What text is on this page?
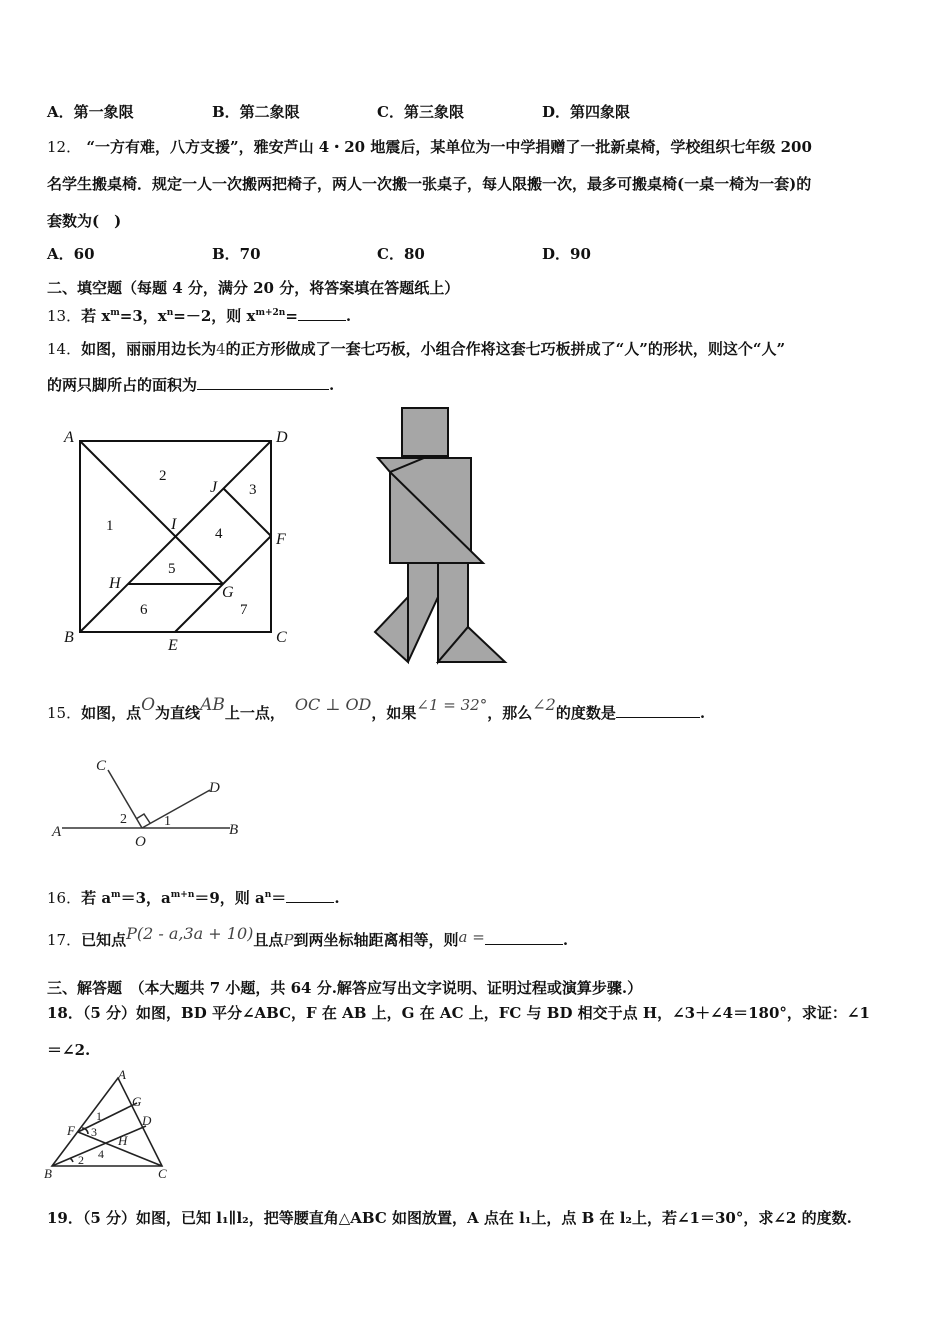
A．第一象限	B．第二象限	C．第三象限	D．第四象限
12． “一方有难，八方支援”，雅安芦山 4・20 地震后，某单位为一中学捐赠了一批新桌椅，学校组织七年级 200
名学生搬桌椅．规定一人一次搬两把椅子，两人一次搬一张桌子，每人限搬一次，最多可搬桌椅(一桌一椅为一套)的
套数为(　)
A．60	B．70	C．80	D．90
二、填空题（每题 4 分，满分 20 分，将答案填在答题纸上）
13．若 $x^m=3$，$x^n=-2$，则 $x^{m+2n}=$	.
14．如图，丽丽用边长为4的正方形做成了一套七巧板，小组合作将这套七巧板拼成了“人”的形状，则这个“人”
的两只脚所占的面积为	.
A	D
B	C
J
F
I
H
G
E
1
2
3
4
5
6	7
15．如图，点O为直线AB上一点， OC ⊥ OD，如果∠1 = 32°，那么∠2的度数是	.
A	B
C
D
O
2	1
16．若 $a^m=3$，$a^{m+n}=9$，则 $a^n=$	.
17．已知点P(2 - a,3a + 10)且点P到两坐标轴距离相等，则a =	.
三、解答题　（本大题共 7 小题，共 64 分.解答应写出文字说明、证明过程或演算步骤.）
18．（5 分）如图，BD 平分∠ABC，F 在 AB 上，G 在 AC 上，FC 与 BD 相交于点 H，∠3＋∠4＝180°，求证：∠1
＝∠2.
A
B	C
D
F
G
H
1
2
3
4
19．（5 分）如图，已知 l₁∥l₂，把等腰直角△ABC 如图放置，A 点在 l₁上，点 B 在 l₂上，若∠1＝30°，求∠2 的度数.
